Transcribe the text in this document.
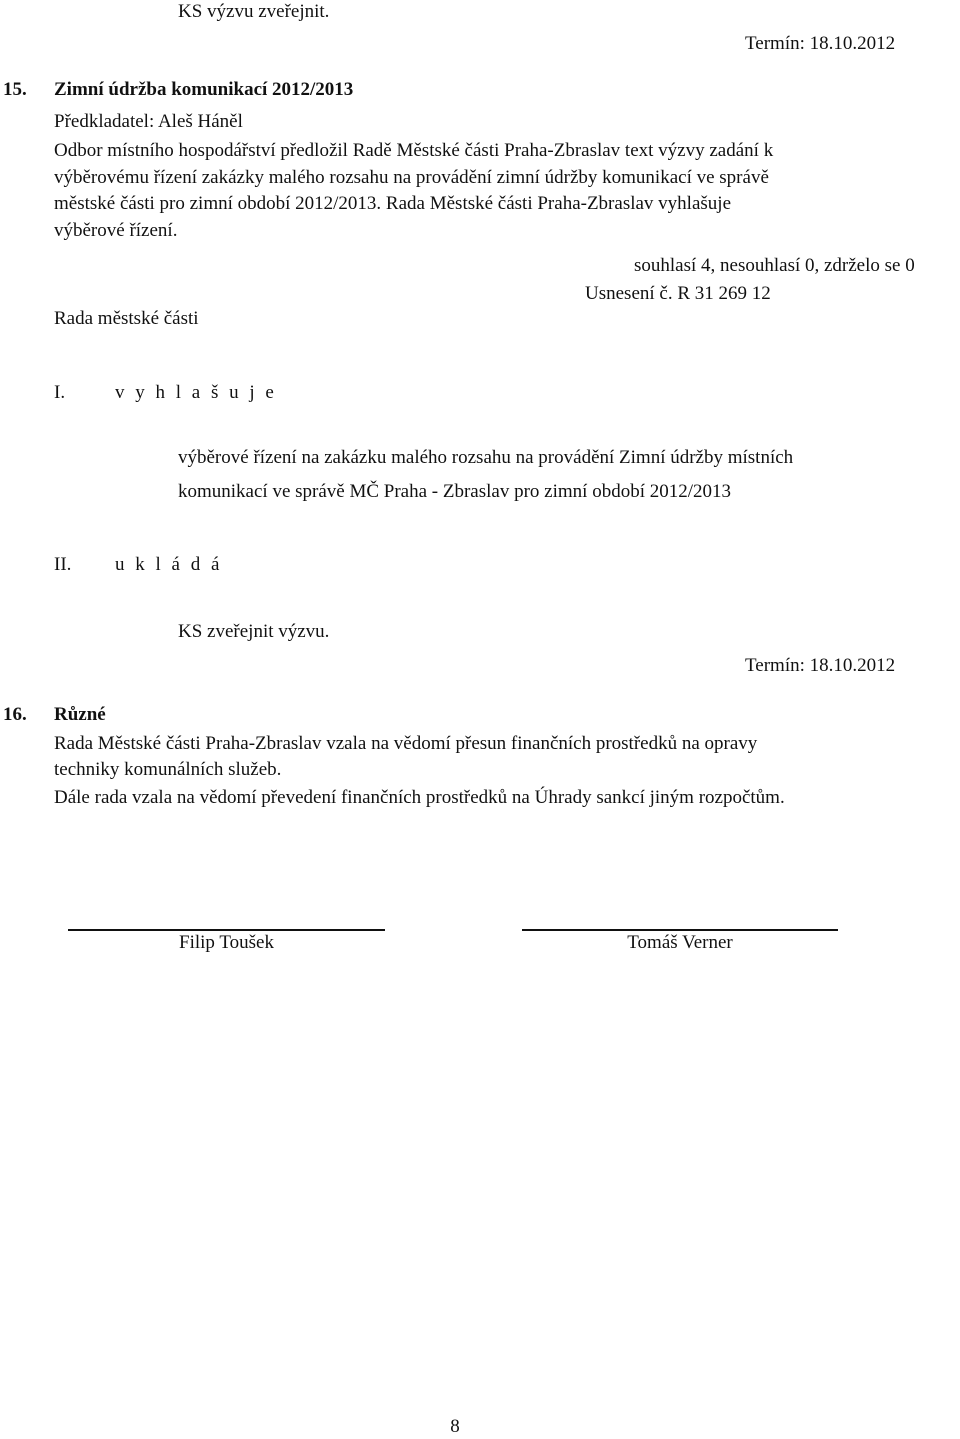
KS výzvu zveřejnit.
Termín: 18.10.2012
15. Zimní údržba komunikací 2012/2013
Předkladatel: Aleš Háněl
Odbor místního hospodářství předložil Radě Městské části Praha-Zbraslav text výzvy zadání k
výběrovému řízení zakázky malého rozsahu na provádění zimní údržby komunikací ve správě
městské části pro zimní období 2012/2013. Rada Městské části Praha-Zbraslav vyhlašuje
výběrové řízení.
souhlasí 4, nesouhlasí 0, zdrželo se 0
Usnesení č. R 31 269 12
Rada městské části
I.	v y h l a š u j e
výběrové řízení na zakázku malého rozsahu na provádění Zimní údržby místních
komunikací ve správě MČ Praha - Zbraslav pro zimní období 2012/2013
II. u k l á d á
KS zveřejnit výzvu.
Termín: 18.10.2012
16. Různé
Rada Městské části Praha-Zbraslav vzala na vědomí přesun finančních prostředků na opravy
techniky komunálních služeb.
Dále rada vzala na vědomí převedení finančních prostředků na Úhrady sankcí jiným rozpočtům.
Filip Toušek	Tomáš Verner
8
